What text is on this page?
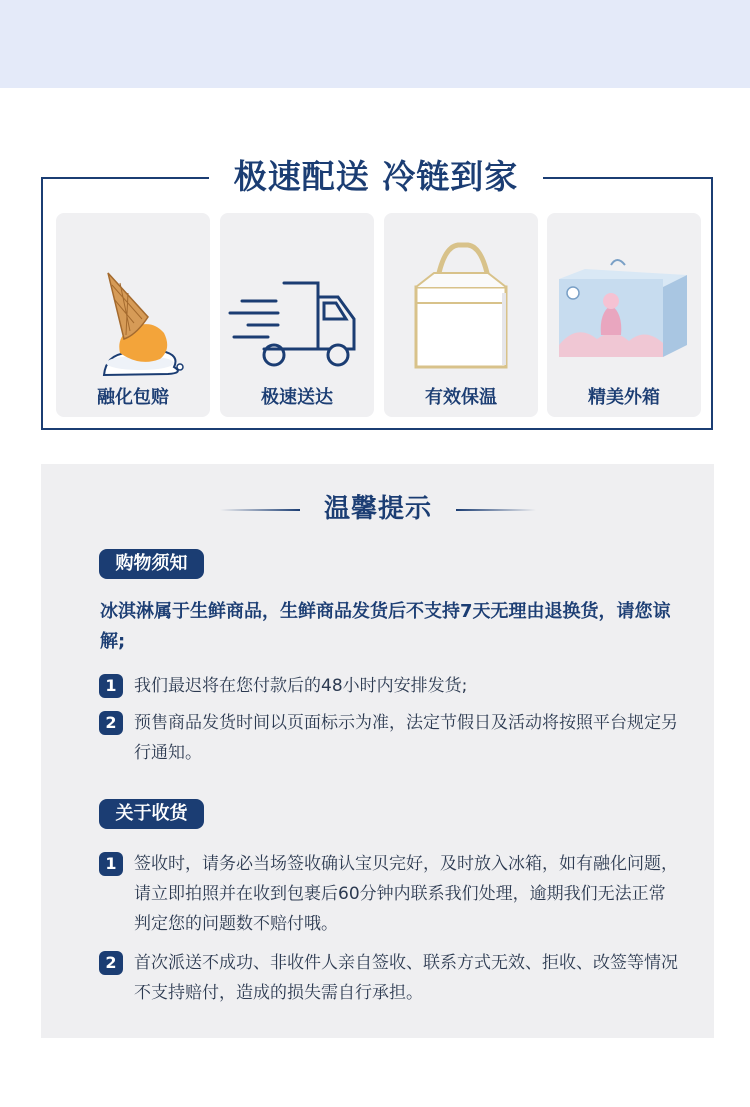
极速配送 冷链到家
融化包赔	极速送达	有效保温	精美外箱
温馨提示
购物须知
冰淇淋属于生鲜商品，生鲜商品发货后不支持7天无理由退换货，请您谅解;
1	我们最迟将在您付款后的48小时内安排发货;
2	预售商品发货时间以页面标示为准，法定节假日及活动将按照平台规定另行通知。
关于收货
1	签收时，请务必当场签收确认宝贝完好，及时放入冰箱，如有融化问题，请立即拍照并在收到包裹后60分钟内联系我们处理，逾期我们无法正常判定您的问题数不赔付哦。
2	首次派送不成功、非收件人亲自签收、联系方式无效、拒收、改签等情况不支持赔付，造成的损失需自行承担。
